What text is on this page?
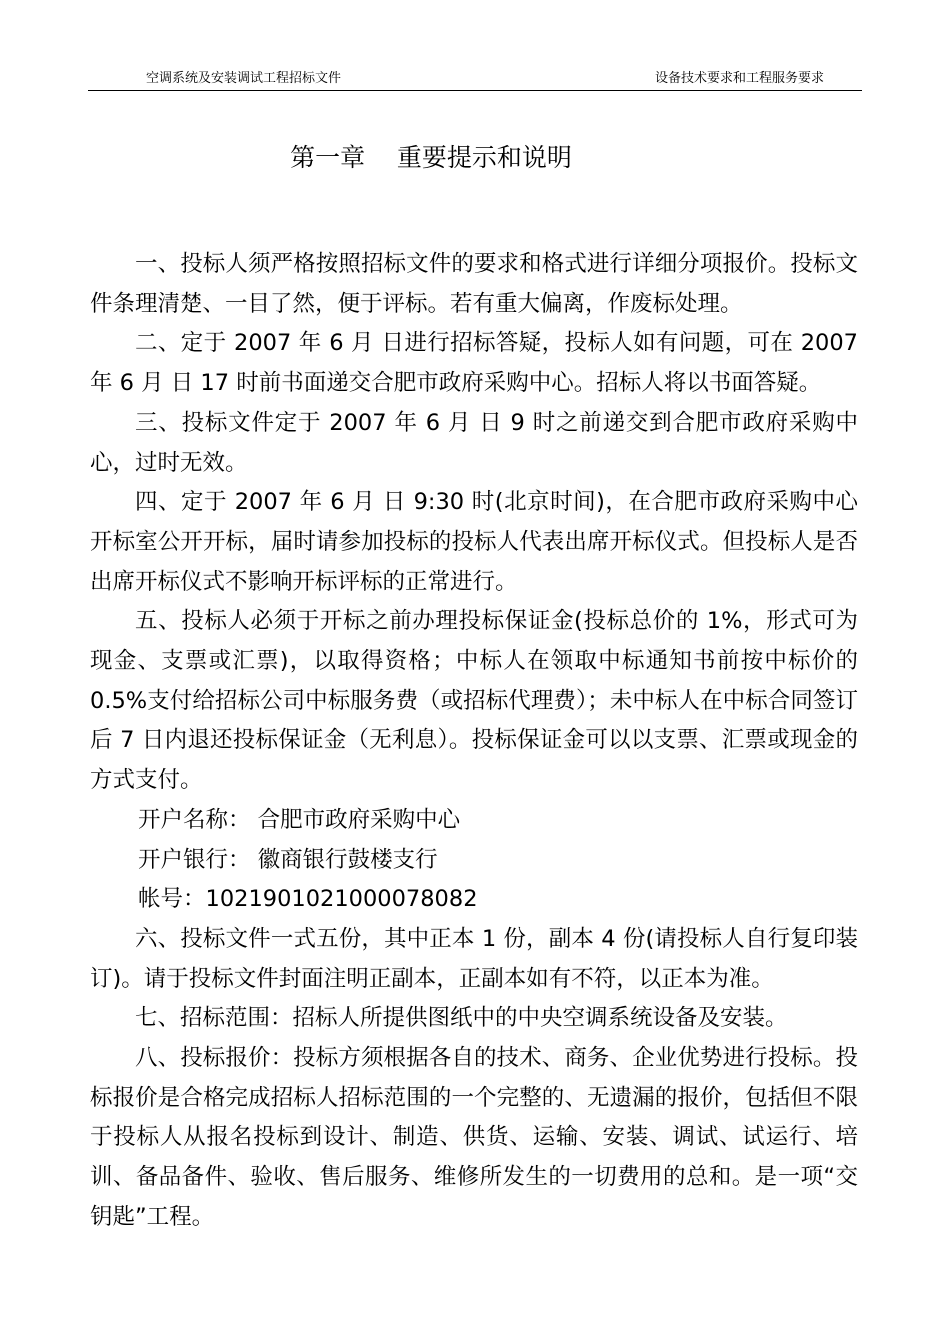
空调系统及安装调试工程招标文件	设备技术要求和工程服务要求
第一章    重要提示和说明

一、投标人须严格按照招标文件的要求和格式进行详细分项报价。投标文件条理清楚、一目了然，便于评标。若有重大偏离，作废标处理。

二、定于 2007 年 6 月 日进行招标答疑，投标人如有问题，可在 2007 年 6 月 日 17 时前书面递交合肥市政府采购中心。招标人将以书面答疑。

三、投标文件定于 2007 年 6 月 日 9 时之前递交到合肥市政府采购中心，过时无效。

四、定于 2007 年 6 月 日 9:30 时(北京时间)，在合肥市政府采购中心开标室公开开标，届时请参加投标的投标人代表出席开标仪式。但投标人是否出席开标仪式不影响开标评标的正常进行。

五、投标人必须于开标之前办理投标保证金(投标总价的 1%，形式可为现金、支票或汇票)，以取得资格；中标人在领取中标通知书前按中标价的 0.5%支付给招标公司中标服务费（或招标代理费）；未中标人在中标合同签订后 7 日内退还投标保证金（无利息）。投标保证金可以以支票、汇票或现金的方式支付。

开户名称： 合肥市政府采购中心

开户银行： 徽商银行鼓楼支行

帐号：1021901021000078082

六、投标文件一式五份，其中正本 1 份，副本 4 份(请投标人自行复印装订)。请于投标文件封面注明正副本，正副本如有不符，以正本为准。

七、招标范围：招标人所提供图纸中的中央空调系统设备及安装。

八、投标报价：投标方须根据各自的技术、商务、企业优势进行投标。投标报价是合格完成招标人招标范围的一个完整的、无遗漏的报价，包括但不限于投标人从报名投标到设计、制造、供货、运输、安装、调试、试运行、培训、备品备件、验收、售后服务、维修所发生的一切费用的总和。是一项“交钥匙”工程。
